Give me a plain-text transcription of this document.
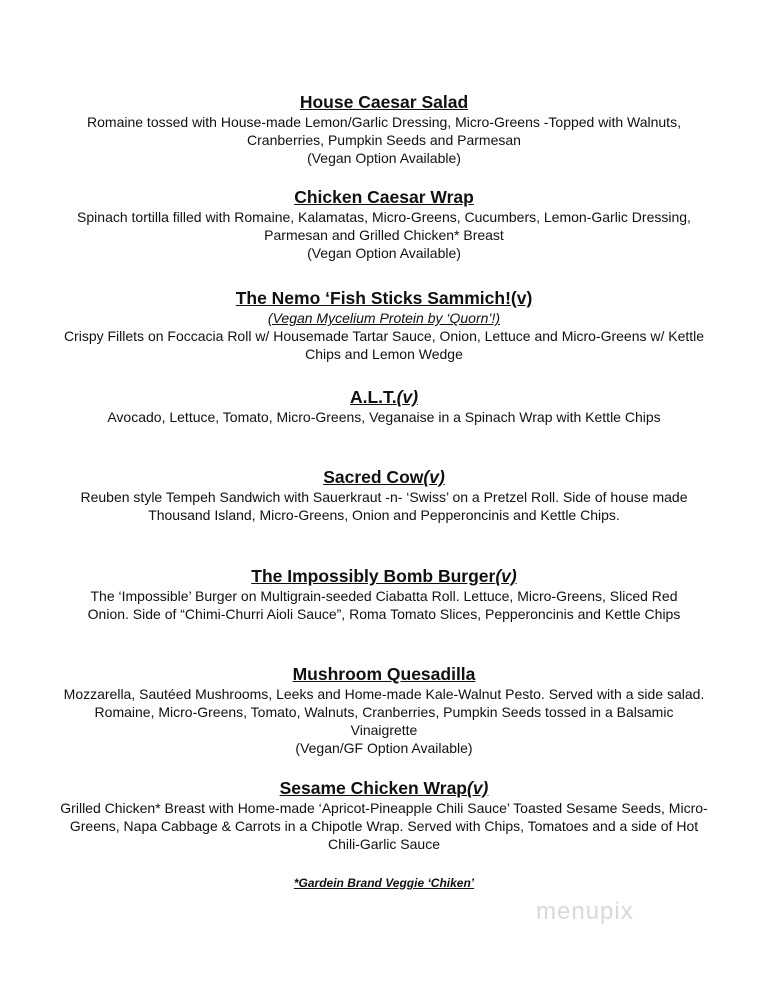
House Caesar Salad
Romaine tossed with House-made Lemon/Garlic Dressing, Micro-Greens -Topped with Walnuts, Cranberries, Pumpkin Seeds and Parmesan
(Vegan Option Available)
Chicken Caesar Wrap
Spinach tortilla filled with Romaine, Kalamatas, Micro-Greens, Cucumbers, Lemon-Garlic Dressing, Parmesan and Grilled Chicken* Breast
(Vegan Option Available)
The Nemo ‘Fish Sticks Sammich!(v)
(Vegan Mycelium Protein by ‘Quorn’!)
Crispy Fillets on Foccacia Roll w/ Housemade Tartar Sauce, Onion, Lettuce and Micro-Greens w/ Kettle Chips and Lemon Wedge
A.L.T.(v)
Avocado, Lettuce, Tomato, Micro-Greens, Veganaise in a Spinach Wrap with Kettle Chips
Sacred Cow(v)
Reuben style Tempeh Sandwich with Sauerkraut -n- ‘Swiss’ on a Pretzel Roll. Side of house made Thousand Island, Micro-Greens, Onion and Pepperoncinis and Kettle Chips.
The Impossibly Bomb Burger(v)
The ‘Impossible’ Burger on Multigrain-seeded Ciabatta Roll. Lettuce, Micro-Greens, Sliced Red Onion. Side of “Chimi-Churri Aioli Sauce”, Roma Tomato Slices, Pepperoncinis and Kettle Chips
Mushroom Quesadilla
Mozzarella, Sautéed Mushrooms, Leeks and Home-made Kale-Walnut Pesto. Served with a side salad. Romaine, Micro-Greens, Tomato, Walnuts, Cranberries, Pumpkin Seeds tossed in a Balsamic Vinaigrette
(Vegan/GF Option Available)
Sesame Chicken Wrap(v)
Grilled Chicken* Breast with Home-made ‘Apricot-Pineapple Chili Sauce’ Toasted Sesame Seeds, Micro-Greens, Napa Cabbage & Carrots in a Chipotle Wrap. Served with Chips, Tomatoes and a side of Hot Chili-Garlic Sauce
*Gardein Brand Veggie ‘Chiken’
menupix
